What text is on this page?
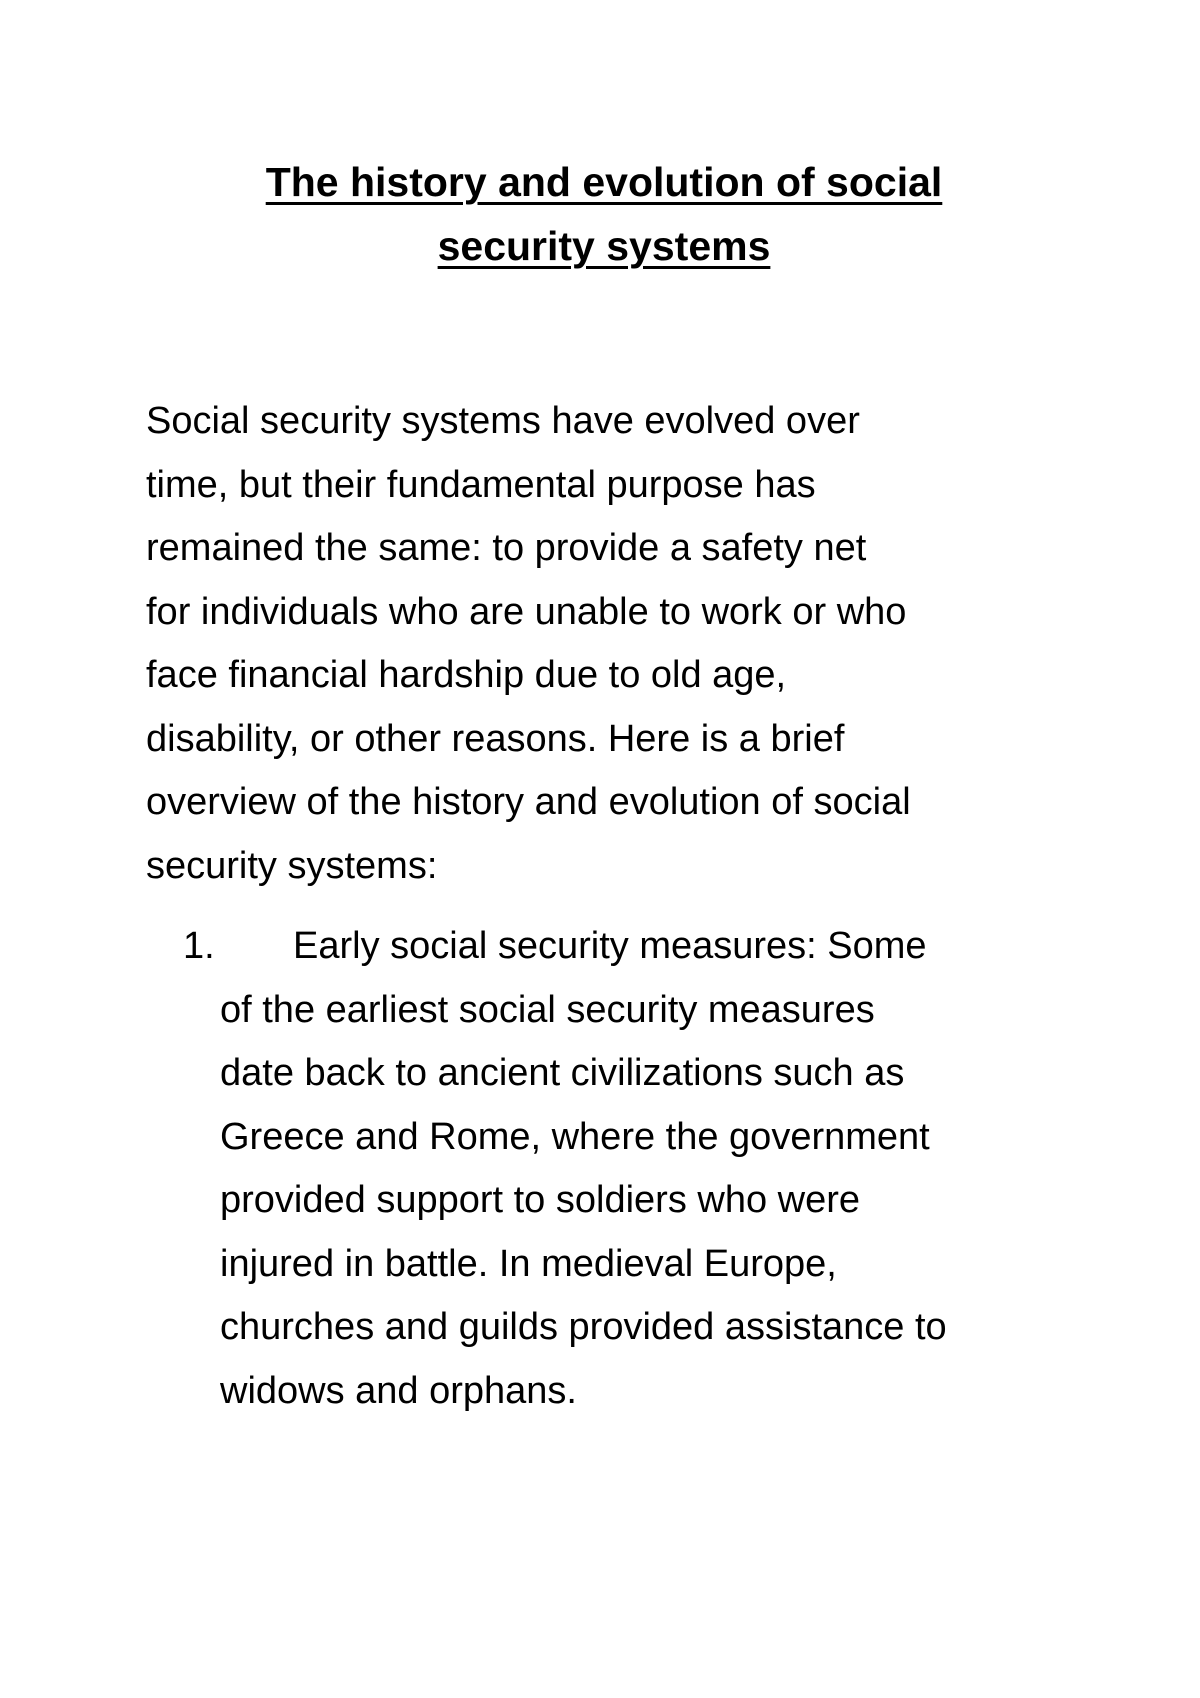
The history and evolution of social
security systems

Social security systems have evolved over
time, but their fundamental purpose has
remained the same: to provide a safety net
for individuals who are unable to work or who
face financial hardship due to old age,
disability, or other reasons. Here is a brief
overview of the history and evolution of social
security systems:

1.	Early social security measures: Some
of the earliest social security measures
date back to ancient civilizations such as
Greece and Rome, where the government
provided support to soldiers who were
injured in battle. In medieval Europe,
churches and guilds provided assistance to
widows and orphans.
